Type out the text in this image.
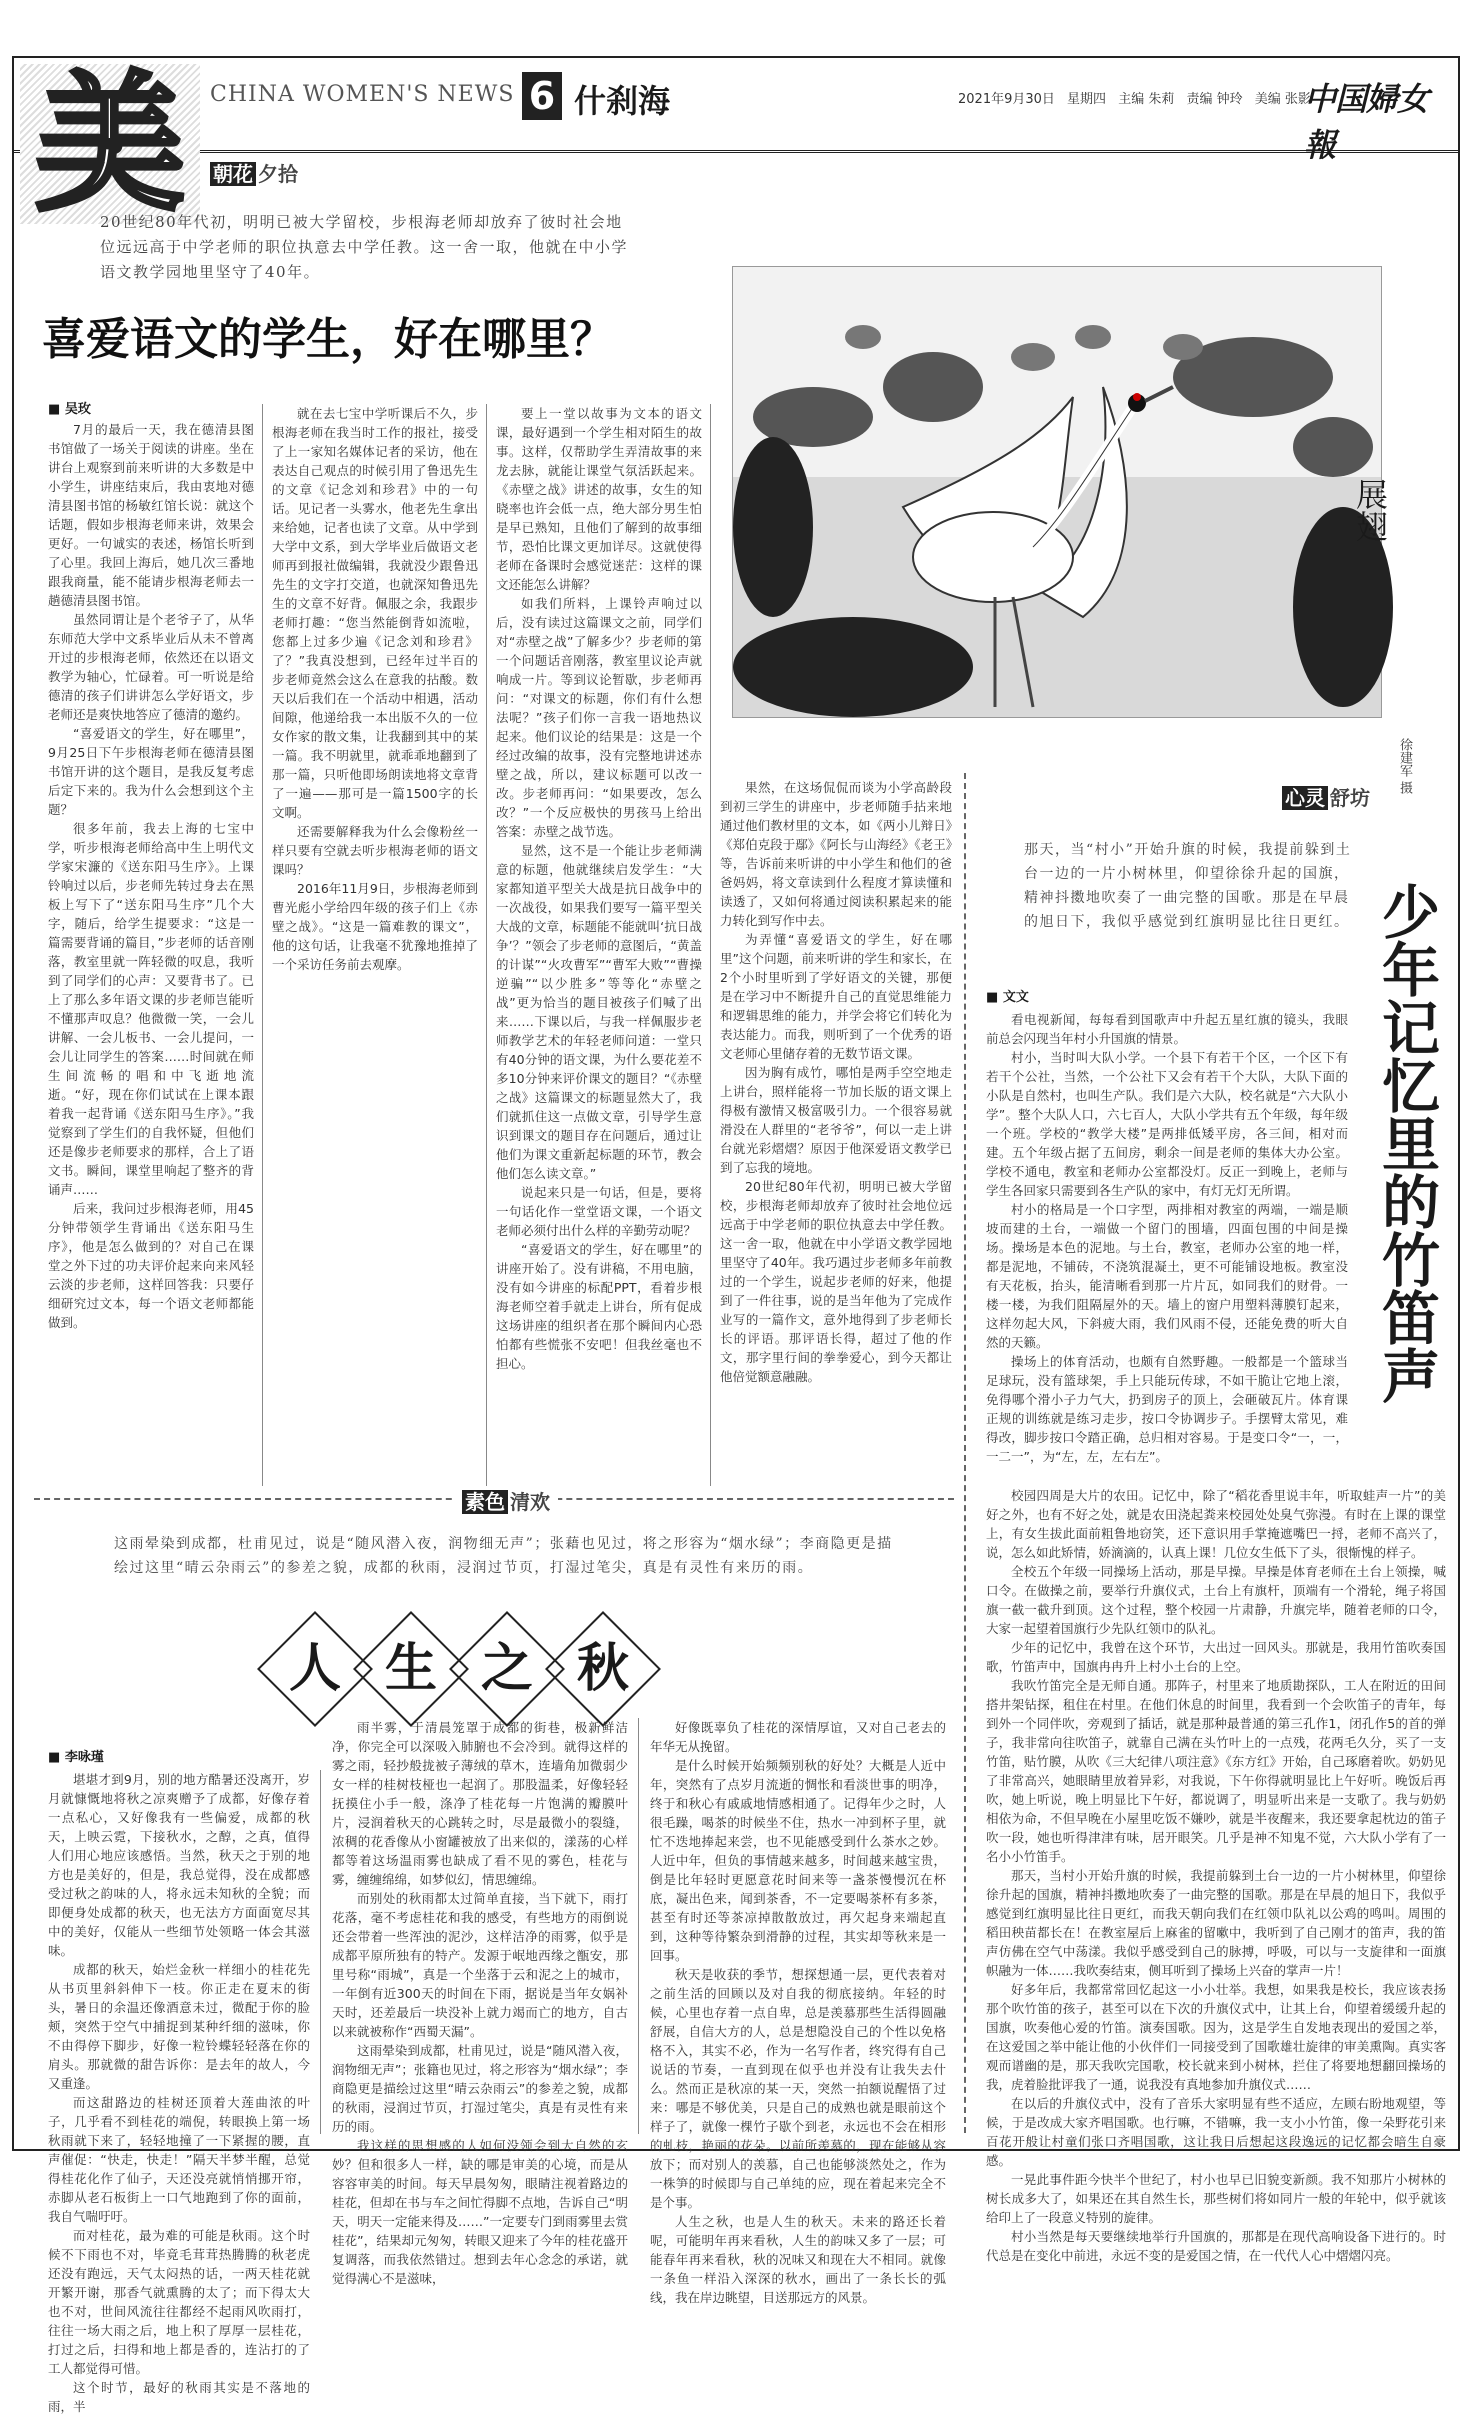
CHINA WOMEN'S NEWS 6 什刹海	2021年9月30日 星期四 主编 朱莉 责编 钟玲 美编 张影
中国婦女報
美	朝花 夕拾
20世纪80年代初，明明已被大学留校，步根海老师却放弃了彼时社会地位远远高于中学老师的职位执意去中学任教。这一舍一取，他就在中小学语文教学园地里坚守了40年。
喜爱语文的学生，好在哪里？
■ 吴玫

7月的最后一天，我在德清县图书馆做了一场关于阅读的讲座。坐在讲台上观察到前来听讲的大多数是中小学生，讲座结束后，我由衷地对德清县图书馆的杨敏红馆长说：就这个话题，假如步根海老师来讲，效果会更好。一句诚实的表述，杨馆长听到了心里。我回上海后，她几次三番地跟我商量，能不能请步根海老师去一趟德清县图书馆。

虽然同谓让是个老爷子了，从华东师范大学中文系毕业后从未不曾离开过的步根海老师，依然还在以语文教学为轴心，忙碌着。可一听说是给德清的孩子们讲讲怎么学好语文，步老师还是爽快地答应了德清的邀约。

“喜爱语文的学生，好在哪里”，9月25日下午步根海老师在德清县图书馆开讲的这个题目，是我反复考虑后定下来的。我为什么会想到这个主题？

很多年前，我去上海的七宝中学，听步根海老师给高中生上明代文学家宋濂的《送东阳马生序》。上课铃响过以后，步老师先转过身去在黑板上写下了“送东阳马生序”几个大字，随后，给学生提要求：“这是一篇需要背诵的篇目，”步老师的话音刚落，教室里就一阵轻微的叹息，我听到了同学们的心声：又要背书了。已上了那么多年语文课的步老师岂能听不懂那声叹息？他微微一笑，一会儿讲解、一会儿板书、一会儿提问，一会儿让同学生的答案……时间就在师生间流畅的唱和中飞逝地流逝。“好，现在你们试试在上课本跟着我一起背诵《送东阳马生序》。”我觉察到了学生们的自我怀疑，但他们还是像步老师要求的那样，合上了语文书。瞬间，课堂里响起了整齐的背诵声……

后来，我问过步根海老师，用45分钟带领学生背诵出《送东阳马生序》，他是怎么做到的？对自己在课堂之外下过的功夫评价起来向来风轻云淡的步老师，这样回答我：只要仔细研究过文本，每一个语文老师都能做到。

就在去七宝中学听课后不久，步根海老师在我当时工作的报社，接受了上一家知名媒体记者的采访，他在表达自己观点的时候引用了鲁迅先生的文章《记念刘和珍君》中的一句话。见记者一头雾水，他老先生拿出来给她，记者也读了文章。从中学到大学中文系，到大学毕业后做语文老师再到报社做编辑，我就没少跟鲁迅先生的文字打交道，也就深知鲁迅先生的文章不好背。佩服之余，我跟步老师打趣：“您当然能倒背如流啦，您都上过多少遍《记念刘和珍君》了？”我真没想到，已经年过半百的步老师竟然会这么在意我的拈酸。数天以后我们在一个活动中相遇，活动间隙，他递给我一本出版不久的一位女作家的散文集，让我翻到其中的某一篇。我不明就里，就乖乖地翻到了那一篇，只听他即场朗读地将文章背了一遍——那可是一篇1500字的长文啊。

还需要解释我为什么会像粉丝一样只要有空就去听步根海老师的语文课吗？

2016年11月9日，步根海老师到曹光彪小学给四年级的孩子们上《赤壁之战》。“这是一篇难教的课文”，他的这句话，让我毫不犹豫地推掉了一个采访任务前去观摩。

要上一堂以故事为文本的语文课，最好遇到一个学生相对陌生的故事。这样，仅帮助学生弄清故事的来龙去脉，就能让课堂气氛活跃起来。《赤壁之战》讲述的故事，女生的知晓率也许会低一点，绝大部分男生怕是早已熟知，且他们了解到的故事细节，恐怕比课文更加详尽。这就使得老师在备课时会感觉迷茫：这样的课文还能怎么讲解？

如我们所料，上课铃声响过以后，没有读过这篇课文之前，同学们对“赤壁之战”了解多少？步老师的第一个问题话音刚落，教室里议论声就响成一片。等到议论暂歇，步老师再问：“对课文的标题，你们有什么想法呢？”孩子们你一言我一语地热议起来。他们议论的结果是：这是一个经过改编的故事，没有完整地讲述赤壁之战，所以，建议标题可以改一改。步老师再问：“如果要改，怎么改？”一个反应极快的男孩马上给出答案：赤壁之战节选。

显然，这不是一个能让步老师满意的标题，他就继续启发学生：“大家都知道平型关大战是抗日战争中的一次战役，如果我们要写一篇平型关大战的文章，标题能不能就叫‘抗日战争’？”领会了步老师的意图后，“黄盖的计谋”“火攻曹军”“曹军大败”“曹操逆骗”“以少胜多”等等化“赤壁之战”更为恰当的题目被孩子们喊了出来……下课以后，与我一样佩服步老师教学艺术的年轻老师问道：一堂只有40分钟的语文课，为什么要花差不多10分钟来评价课文的题目？“《赤壁之战》这篇课文的标题显然大了，我们就抓住这一点做文章，引导学生意识到课文的题目存在问题后，通过让他们为课文重新起标题的环节，教会他们怎么读文章。”

说起来只是一句话，但是，要将一句话化作一堂堂语文课，一个语文老师必须付出什么样的辛勤劳动呢？

“喜爱语文的学生，好在哪里”的讲座开始了。没有讲稿，不用电脑，没有如今讲座的标配PPT，看着步根海老师空着手就走上讲台，所有促成这场讲座的组织者在那个瞬间内心恐怕都有些慌张不安吧！但我丝毫也不担心。

果然，在这场侃侃而谈为小学高龄段到初三学生的讲座中，步老师随手拈来地通过他们教材里的文本，如《两小儿辩日》《郑伯克段于鄢》《阿长与山海经》《老王》等，告诉前来听讲的中小学生和他们的爸爸妈妈，将文章读到什么程度才算读懂和读透了，又如何将通过阅读积累起来的能力转化到写作中去。

为弄懂“喜爱语文的学生，好在哪里”这个问题，前来听讲的学生和家长，在2个小时里听到了学好语文的关键，那便是在学习中不断提升自己的直觉思维能力和逻辑思维的能力，并学会将它们转化为表达能力。而我，则听到了一个优秀的语文老师心里储存着的无数节语文课。

因为胸有成竹，哪怕是两手空空地走上讲台，照样能将一节加长版的语文课上得极有激情又极富吸引力。一个很容易就滑没在人群里的“老爷爷”，何以一走上讲台就光彩熠熠？原因于他深爱语文教学已到了忘我的境地。

20世纪80年代初，明明已被大学留校，步根海老师却放弃了彼时社会地位远远高于中学老师的职位执意去中学任教。这一舍一取，他就在中小学语文教学园地里坚守了40年。我巧遇过步老师多年前教过的一个学生，说起步老师的好来，他提到了一件往事，说的是当年他为了完成作业写的一篇作文，意外地得到了步老师长长的评语。那评语长得，超过了他的作文，那字里行间的拳拳爱心，到今天都让他倍觉额意融融。

展翅
徐建军 摄
心灵 舒坊
那天，当“村小”开始升旗的时候，我提前躲到土台一边的一片小树林里，仰望徐徐升起的国旗，精神抖擞地吹奏了一曲完整的国歌。那是在早晨的旭日下，我似乎感觉到红旗明显比往日更红。 少年记忆里的竹笛声
■ 文文

看电视新闻，每每看到国歌声中升起五星红旗的镜头，我眼前总会闪现当年村小升国旗的情景。

村小，当时叫大队小学。一个县下有若干个区，一个区下有若干个公社，当然，一个公社下又会有若干个大队，大队下面的小队是自然村，也叫生产队。我们是六大队，校名就是“六大队小学”。整个大队人口，六七百人，大队小学共有五个年级，每年级一个班。学校的“教学大楼”是两排低矮平房，各三间，相对而建。五个年级占据了五间房，剩余一间是老师的集体大办公室。学校不通电，教室和老师办公室都没灯。反正一到晚上，老师与学生各回家只需要到各生产队的家中，有灯无灯无所谓。

村小的格局是一个口字型，两排相对教室的两端，一端是顺坡而建的土台，一端做一个留门的围墙，四面包围的中间是操场。操场是本色的泥地。与土台，教室，老师办公室的地一样，都是泥地，不铺砖，不浇筑混凝土，更不可能铺设地板。教室没有天花板，抬头，能清晰看到那一片片瓦，如同我们的财骨。一楼一楼，为我们阻隔屋外的天。墙上的窗户用塑料薄膜钉起来，这样勿起大风，下斜疲大雨，我们风雨不侵，还能免费的听大自然的天籁。

操场上的体育活动，也颇有自然野趣。一般都是一个篮球当足球玩，没有篮球架，手上只能玩传球，不如干脆让它地上滚，免得哪个滑小子力气大，扔到房子的顶上，会砸破瓦片。体育课正规的训练就是练习走步，按口令协调步子。手摆臂太常见，难得改，脚步按口令踏正确，总归相对容易。于是变口令“一，一，一二一”，为“左，左，左右左”。

校园四周是大片的农田。记忆中，除了“稻花香里说丰年，听取蛙声一片”的美好之外，也有不好之处，就是农田浇起粪来校园处处臭气弥漫。有时在上课的课堂上，有女生拔此面前粗鲁地窃笑，还下意识用手掌掩遮嘴巴一捋，老师不高兴了，说，怎么如此矫情，娇滴滴的，认真上课！几位女生低下了头，很惭愧的样子。

全校五个年级一同操场上活动，那是早操。早操是体育老师在土台上领操，喊口令。在做操之前，要举行升旗仪式，土台上有旗杆，顶端有一个滑轮，绳子将国旗一截一截升到顶。这个过程，整个校园一片肃静，升旗完毕，随着老师的口令，大家一起望着国旗行少先队红领巾的队礼。

少年的记忆中，我曾在这个环节，大出过一回风头。那就是，我用竹笛吹奏国歌，竹笛声中，国旗冉冉升上村小土台的上空。

我吹竹笛完全是无师自通。那阵子，村里来了地质勘探队，工人在附近的田间搭井架钻探，租住在村里。在他们休息的时间里，我看到一个会吹笛子的青年，每到外一个同伴吹，旁观到了插话，就是那种最普通的第三孔作1，闭孔作5的首的弹子，我非常向往吹笛子，就靠自己满在头竹叶上的一点残，花两毛久分，买了一支竹笛，贴竹膜，从吹《三大纪律八项注意》《东方红》开始，自己琢磨着吹。奶奶见了非常高兴，她眼睛里放着异彩，对我说，下午你得就明显比上午好听。晚饭后再吹，她上听说，晚上明显比下午好，都说调了，明显听出来是一支歌了。我与奶奶相依为命，不但早晚在小屋里吃饭不嫌吵，就是半夜醒来，我还要拿起枕边的笛子吹一段，她也听得津津有味，居开眼笑。几乎是神不知鬼不觉，六大队小学有了一名小小竹笛手。

那天，当村小开始升旗的时候，我提前躲到土台一边的一片小树林里，仰望徐徐升起的国旗，精神抖擞地吹奏了一曲完整的国歌。那是在早晨的旭日下，我似乎感觉到红旗明显比往日更红，而我天朝向我们在红领巾队礼以公鸡的鸣叫。周围的稻田秧苗都长在！在教室屋后上麻雀的留嗽中，我听到了自己刚才的笛声，我的笛声仿佛在空气中荡漾。我似乎感受到自己的脉搏，呼吸，可以与一支旋律和一面旗帜融为一体……我吹奏结束，侧耳听到了操场上兴奋的掌声一片！

好多年后，我都常常回忆起这一小小壮举。我想，如果我是校长，我应该表扬那个吹竹笛的孩子，甚至可以在下次的升旗仪式中，让其上台，仰望着缓缓升起的国旗，吹奏他心爱的竹笛。演奏国歌。因为，这是学生自发地表现出的爱国之举，在这爱国之举中能让他的小伙伴们一同接受到了国歌雄壮旋律的审美熏陶。真实客观而谱幽的是，那天我吹完国歌，校长就来到小树林，拦住了将要地想翻回操场的我，虎着脸批评我了一通，说我没有真地参加升旗仪式……

在以后的升旗仪式中，没有了音乐大家明显有些不适应，左顾右盼地观望，等候，于是改成大家齐唱国歌。也行嘛，不错嘛，我一支小小竹笛，像一朵野花引来百花开般让村童们张口齐唱国歌，这让我日后想起这段逸远的记忆都会暗生自豪感。

一晃此事件距今快半个世纪了，村小也早已旧貌变新颜。我不知那片小树林的树长成多大了，如果还在其自然生长，那些树们将如同片一般的年轮中，似乎就该给印上了一段意义特别的旋律。

村小当然是每天要继续地举行升国旗的，那都是在现代高响设备下进行的。时代总是在变化中前进，永远不变的是爱国之情，在一代代人心中熠熠闪亮。

素色 清欢
这雨晕染到成都，杜甫见过，说是“随风潜入夜，润物细无声”；张藉也见过，将之形容为“烟水绿”；李商隐更是描绘过这里“晴云杂雨云”的参差之貌，成都的秋雨，浸润过节页，打湿过笔尖，真是有灵性有来历的雨。
人 生 之 秋
■ 李咏瑾

堪堪才到9月，别的地方酷暑还没离开，岁月就慷慨地将秋之凉爽赠予了成都，好像存着一点私心，又好像我有一些偏爱，成都的秋天，上映云霓，下接秋水，之醇，之真，值得人们用心地应该感悟。当然，秋天之于别的地方也是美好的，但是，我总觉得，没在成都感受过秋之韵味的人，将永远未知秋的全貌；而即便身处成都的秋天，也无法方方面面宽尽其中的美好，仅能从一些细节处领略一体会其滋味。

成都的秋天，始烂金秋一样细小的桂花先从书页里斜斜伸下一枝。你正走在夏末的街头，暑日的余温还像酒意未过，微配于你的脸颊，突然于空气中捕捉到某种纤细的滋味，你不由得停下脚步，好像一粒铃蝶轻轻落在你的肩头。那就微的甜告诉你：是去年的故人，今又重逢。

而这甜路边的桂树还顶着大莲曲浓的叶子，几乎看不到桂花的端倪，转眼换上第一场秋雨就下来了，轻轻地撞了一下紧握的腰，直声催促：“快走，快走！”隔天半梦半醒，总觉得桂花化作了仙子，天还没亮就悄悄挪开帘，赤脚从老石板街上一口气地跑到了你的面前，我自气喘吁吁。

而对桂花，最为难的可能是秋雨。这个时候不下雨也不对，毕竟毛茸茸热腾腾的秋老虎还没有跑远，天气太闷热的话，一两天桂花就开繁开谢，那香气就熏腾的太了；而下得太大也不对，世间风流往往都经不起雨风吹雨打，往往一场大雨之后，地上积了厚厚一层桂花，打过之后，扫得和地上都是香的，连沾打的了工人都觉得可惜。

这个时节，最好的秋雨其实是不落地的雨，半

雨半雾，于清晨笼罩于成都的街巷，极新鲜洁净，你完全可以深吸入肺腑也不会冷到。就得这样的雾之雨，轻抄般拢被子薄绒的草木，连墙角加微弱少女一样的桂树枝桠也一起润了。那股温柔，好像轻轻抚摸住小手一般，涤净了桂花每一片饱满的瓣膜叶片，浸润着秋天的心跳转之时，尽是最微小的裂缝，浓稠的花香像从小窗罐被放了出来似的，漾荡的心样都等着这场温雨雾也缺成了看不见的雾色，桂花与雾，缠缠绵绵，如梦似幻，情思缠绵。

而别处的秋雨都太过简单直接，当下就下，雨打花落，毫不考虑桂花和我的感受，有些地方的雨倒说还会带着一些浑浊的泥沙，这样洁净的雨雾，似乎是成都平原所独有的特产。发源于岷地西缘之甑安，那里号称“雨城”，真是一个坐落于云和泥之上的城市，一年倒有近300天的时间在下雨，据说是当年女娲补天时，还差最后一块没补上就力竭而亡的地方，自古以来就被称作“西蜀天漏”。

这雨晕染到成都，杜甫见过，说是“随风潜入夜，润物细无声”；张籍也见过，将之形容为“烟水绿”；李商隐更是描绘过这里“晴云杂雨云”的参差之貌，成都的秋雨，浸润过节页，打湿过笔尖，真是有灵性有来历的雨。

我这样的思想感的人如何没领会到大自然的玄妙？但和很多人一样，缺的哪是审美的心境，而是从容容审美的时间。每天早晨匆匆，眼睛注视着路边的桂花，但却在书与车之间忙得脚不点地，告诉自己“明天，明天一定能来得及……”一定要专门到雨雾里去赏桂花”，结果却元匆匆，转眼又迎来了今年的桂花盛开复调落，而我依然错过。想到去年心念念的承诺，就觉得满心不是滋味，

好像既辜负了桂花的深情厚谊，又对自己老去的年华无从挽留。

是什么时候开始频频别秋的好处？大概是人近中年，突然有了点岁月流逝的惆怅和看淡世事的明净，终于和秋心有戚戚地情感相通了。记得年少之时，人很毛躁，喝茶的时候坐不住，热水一冲到杯子里，就忙不迭地捧起来尝，也不见能感受到什么茶水之妙。人近中年，但负的事情越来越多，时间越来越宝贵，倒是比年轻时更愿意花时间来等一盏茶慢慢沉在杯底，凝出色来，闻到茶香，不一定要喝茶杯有多茶，甚至有时还等茶凉掉散散放过，再欠起身来端起直到，这种等待繁杂到滑静的过程，其实却等秋来是一回事。

秋天是收获的季节，想探想通一层，更代表着对之前生活的回顾以及对自我的彻底接纳。年轻的时候，心里也存着一点自卑，总是羡慕那些生活得圆融舒展，自信大方的人，总是想隐没自己的个性以免格格不入，其实不必，作为一名写作者，终究得有自己说话的节奏，一直到现在似乎也并没有让我失去什么。然而正是秋凉的某一天，突然一拍额说醒悟了过来：哪是不够优美，只是自己的成熟也就是眼前这个样子了，就像一棵竹子歇个到老，永远也不会在相形的虬枝，艳丽的花朵。以前所羡慕的，现在能够从容放下；而对别人的羡慕，自己也能够淡然处之，作为一株笋的时候即与自己单纯的应，现在着起来完全不是个事。

人生之秋，也是人生的秋天。未来的路还长着呢，可能明年再来看秋，人生的韵味又多了一层；可能春年再来看秋，秋的况味又和现在大不相同。就像一条鱼一样沿入深深的秋水，画出了一条长长的弧线，我在岸边眺望，目送那远方的风景。
